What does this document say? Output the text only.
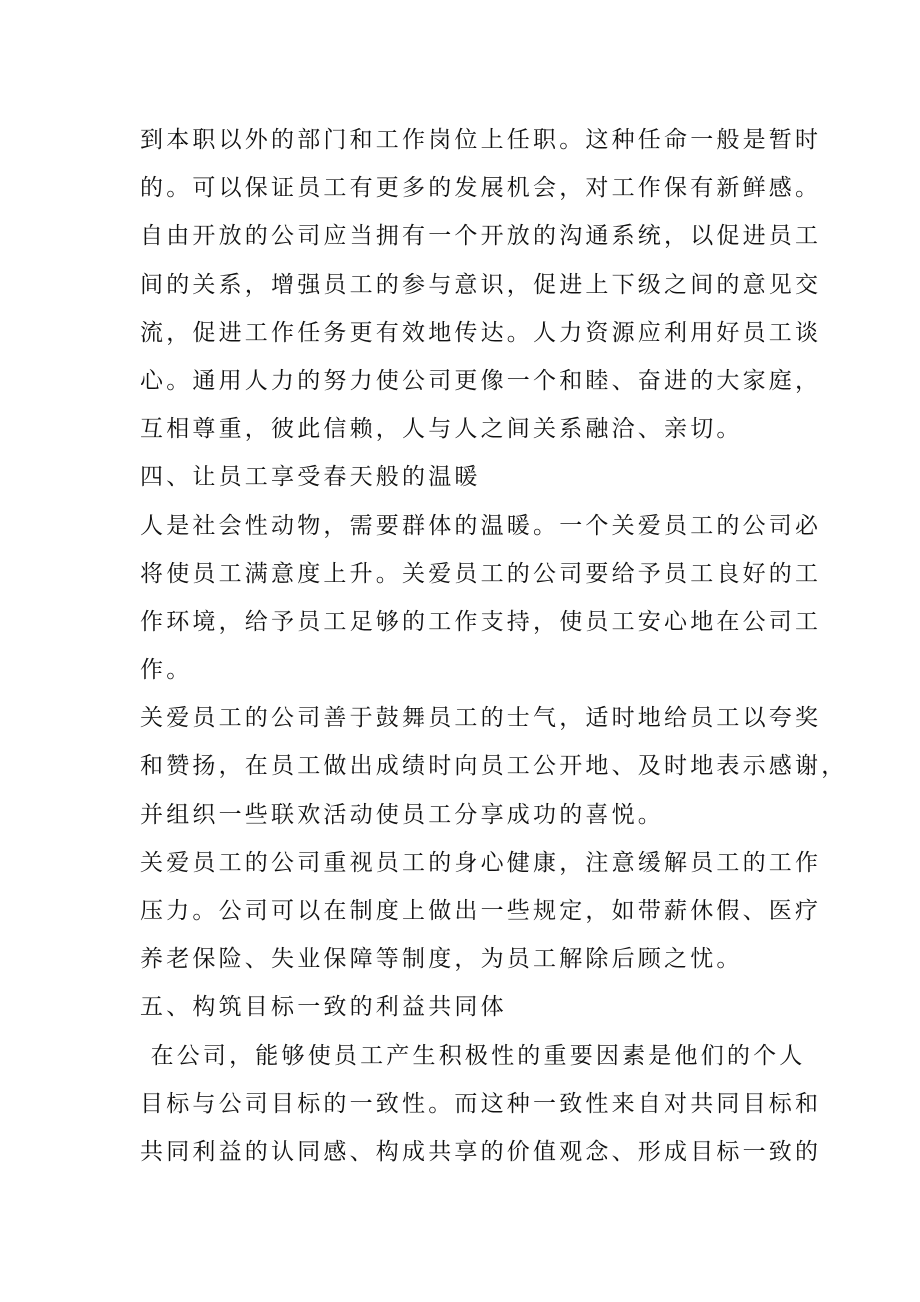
到本职以外的部门和工作岗位上任职。这种任命一般是暂时
的。可以保证员工有更多的发展机会，对工作保有新鲜感。
自由开放的公司应当拥有一个开放的沟通系统，以促进员工
间的关系，增强员工的参与意识，促进上下级之间的意见交
流，促进工作任务更有效地传达。人力资源应利用好员工谈
心。通用人力的努力使公司更像一个和睦、奋进的大家庭，
互相尊重，彼此信赖，人与人之间关系融洽、亲切。
四、让员工享受春天般的温暖
人是社会性动物，需要群体的温暖。一个关爱员工的公司必
将使员工满意度上升。关爱员工的公司要给予员工良好的工
作环境，给予员工足够的工作支持，使员工安心地在公司工
作。
关爱员工的公司善于鼓舞员工的士气，适时地给员工以夸奖
和赞扬，在员工做出成绩时向员工公开地、及时地表示感谢，
并组织一些联欢活动使员工分享成功的喜悦。
关爱员工的公司重视员工的身心健康，注意缓解员工的工作
压力。公司可以在制度上做出一些规定，如带薪休假、医疗
养老保险、失业保障等制度，为员工解除后顾之忧。
五、构筑目标一致的利益共同体
在公司，能够使员工产生积极性的重要因素是他们的个人
目标与公司目标的一致性。而这种一致性来自对共同目标和
共同利益的认同感、构成共享的价值观念、形成目标一致的
